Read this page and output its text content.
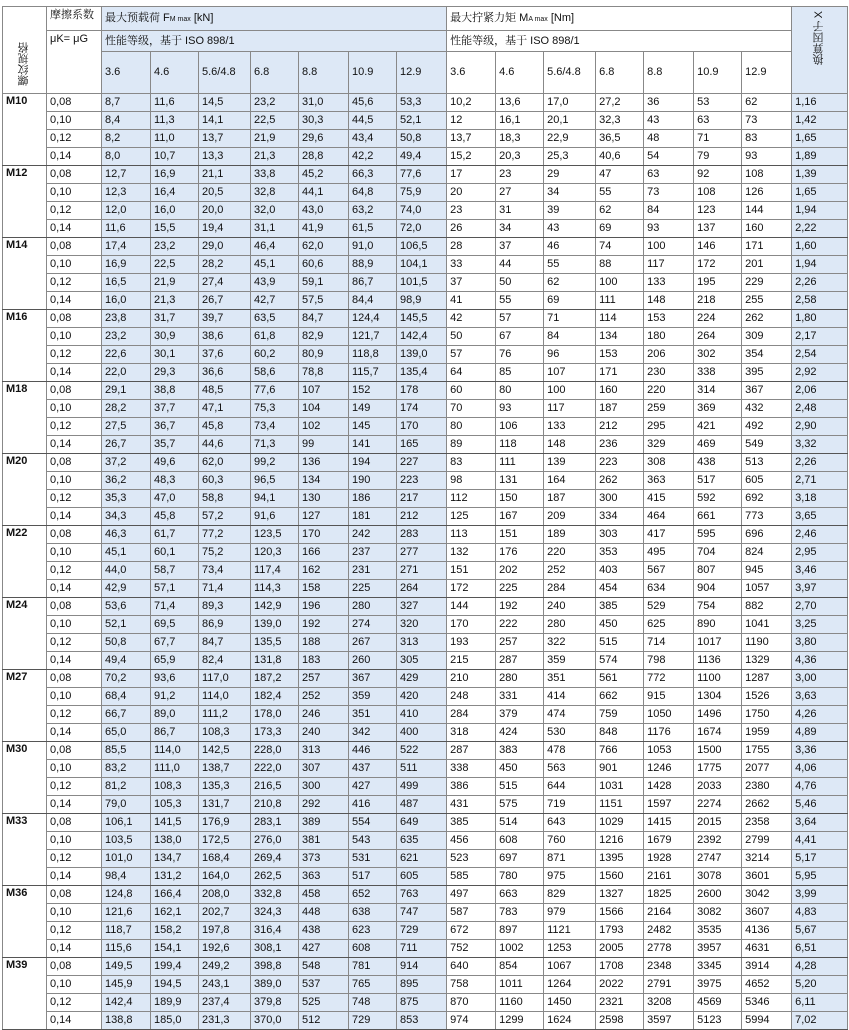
螺纹规格	摩擦系数	最大预载荷 FM max [kN]							最大拧紧力矩 MA max [Nm]							换算因子 X
	μK= μG	性能等级，基于 ISO 898/1							性能等级，基于 ISO 898/1							
		3.6	4.6	5.6/4.8	6.8	8.8	10.9	12.9	3.6	4.6	5.6/4.8	6.8	8.8	10.9	12.9	
M10	0,08	8,7	11,6	14,5	23,2	31,0	45,6	53,3	10,2	13,6	17,0	27,2	36	53	62	1,16
	0,10	8,4	11,3	14,1	22,5	30,3	44,5	52,1	12	16,1	20,1	32,3	43	63	73	1,42
	0,12	8,2	11,0	13,7	21,9	29,6	43,4	50,8	13,7	18,3	22,9	36,5	48	71	83	1,65
	0,14	8,0	10,7	13,3	21,3	28,8	42,2	49,4	15,2	20,3	25,3	40,6	54	79	93	1,89
M12	0,08	12,7	16,9	21,1	33,8	45,2	66,3	77,6	17	23	29	47	63	92	108	1,39
	0,10	12,3	16,4	20,5	32,8	44,1	64,8	75,9	20	27	34	55	73	108	126	1,65
	0,12	12,0	16,0	20,0	32,0	43,0	63,2	74,0	23	31	39	62	84	123	144	1,94
	0,14	11,6	15,5	19,4	31,1	41,9	61,5	72,0	26	34	43	69	93	137	160	2,22
M14	0,08	17,4	23,2	29,0	46,4	62,0	91,0	106,5	28	37	46	74	100	146	171	1,60
	0,10	16,9	22,5	28,2	45,1	60,6	88,9	104,1	33	44	55	88	117	172	201	1,94
	0,12	16,5	21,9	27,4	43,9	59,1	86,7	101,5	37	50	62	100	133	195	229	2,26
	0,14	16,0	21,3	26,7	42,7	57,5	84,4	98,9	41	55	69	111	148	218	255	2,58
M16	0,08	23,8	31,7	39,7	63,5	84,7	124,4	145,5	42	57	71	114	153	224	262	1,80
	0,10	23,2	30,9	38,6	61,8	82,9	121,7	142,4	50	67	84	134	180	264	309	2,17
	0,12	22,6	30,1	37,6	60,2	80,9	118,8	139,0	57	76	96	153	206	302	354	2,54
	0,14	22,0	29,3	36,6	58,6	78,8	115,7	135,4	64	85	107	171	230	338	395	2,92
M18	0,08	29,1	38,8	48,5	77,6	107	152	178	60	80	100	160	220	314	367	2,06
	0,10	28,2	37,7	47,1	75,3	104	149	174	70	93	117	187	259	369	432	2,48
	0,12	27,5	36,7	45,8	73,4	102	145	170	80	106	133	212	295	421	492	2,90
	0,14	26,7	35,7	44,6	71,3	99	141	165	89	118	148	236	329	469	549	3,32
M20	0,08	37,2	49,6	62,0	99,2	136	194	227	83	111	139	223	308	438	513	2,26
	0,10	36,2	48,3	60,3	96,5	134	190	223	98	131	164	262	363	517	605	2,71
	0,12	35,3	47,0	58,8	94,1	130	186	217	112	150	187	300	415	592	692	3,18
	0,14	34,3	45,8	57,2	91,6	127	181	212	125	167	209	334	464	661	773	3,65
M22	0,08	46,3	61,7	77,2	123,5	170	242	283	113	151	189	303	417	595	696	2,46
	0,10	45,1	60,1	75,2	120,3	166	237	277	132	176	220	353	495	704	824	2,95
	0,12	44,0	58,7	73,4	117,4	162	231	271	151	202	252	403	567	807	945	3,46
	0,14	42,9	57,1	71,4	114,3	158	225	264	172	225	284	454	634	904	1057	3,97
M24	0,08	53,6	71,4	89,3	142,9	196	280	327	144	192	240	385	529	754	882	2,70
	0,10	52,1	69,5	86,9	139,0	192	274	320	170	222	280	450	625	890	1041	3,25
	0,12	50,8	67,7	84,7	135,5	188	267	313	193	257	322	515	714	1017	1190	3,80
	0,14	49,4	65,9	82,4	131,8	183	260	305	215	287	359	574	798	1136	1329	4,36
M27	0,08	70,2	93,6	117,0	187,2	257	367	429	210	280	351	561	772	1100	1287	3,00
	0,10	68,4	91,2	114,0	182,4	252	359	420	248	331	414	662	915	1304	1526	3,63
	0,12	66,7	89,0	111,2	178,0	246	351	410	284	379	474	759	1050	1496	1750	4,26
	0,14	65,0	86,7	108,3	173,3	240	342	400	318	424	530	848	1176	1674	1959	4,89
M30	0,08	85,5	114,0	142,5	228,0	313	446	522	287	383	478	766	1053	1500	1755	3,36
	0,10	83,2	111,0	138,7	222,0	307	437	511	338	450	563	901	1246	1775	2077	4,06
	0,12	81,2	108,3	135,3	216,5	300	427	499	386	515	644	1031	1428	2033	2380	4,76
	0,14	79,0	105,3	131,7	210,8	292	416	487	431	575	719	1151	1597	2274	2662	5,46
M33	0,08	106,1	141,5	176,9	283,1	389	554	649	385	514	643	1029	1415	2015	2358	3,64
	0,10	103,5	138,0	172,5	276,0	381	543	635	456	608	760	1216	1679	2392	2799	4,41
	0,12	101,0	134,7	168,4	269,4	373	531	621	523	697	871	1395	1928	2747	3214	5,17
	0,14	98,4	131,2	164,0	262,5	363	517	605	585	780	975	1560	2161	3078	3601	5,95
M36	0,08	124,8	166,4	208,0	332,8	458	652	763	497	663	829	1327	1825	2600	3042	3,99
	0,10	121,6	162,1	202,7	324,3	448	638	747	587	783	979	1566	2164	3082	3607	4,83
	0,12	118,7	158,2	197,8	316,4	438	623	729	672	897	1121	1793	2482	3535	4136	5,67
	0,14	115,6	154,1	192,6	308,1	427	608	711	752	1002	1253	2005	2778	3957	4631	6,51
M39	0,08	149,5	199,4	249,2	398,8	548	781	914	640	854	1067	1708	2348	3345	3914	4,28
	0,10	145,9	194,5	243,1	389,0	537	765	895	758	1011	1264	2022	2791	3975	4652	5,20
	0,12	142,4	189,9	237,4	379,8	525	748	875	870	1160	1450	2321	3208	4569	5346	6,11
	0,14	138,8	185,0	231,3	370,0	512	729	853	974	1299	1624	2598	3597	5123	5994	7,02
